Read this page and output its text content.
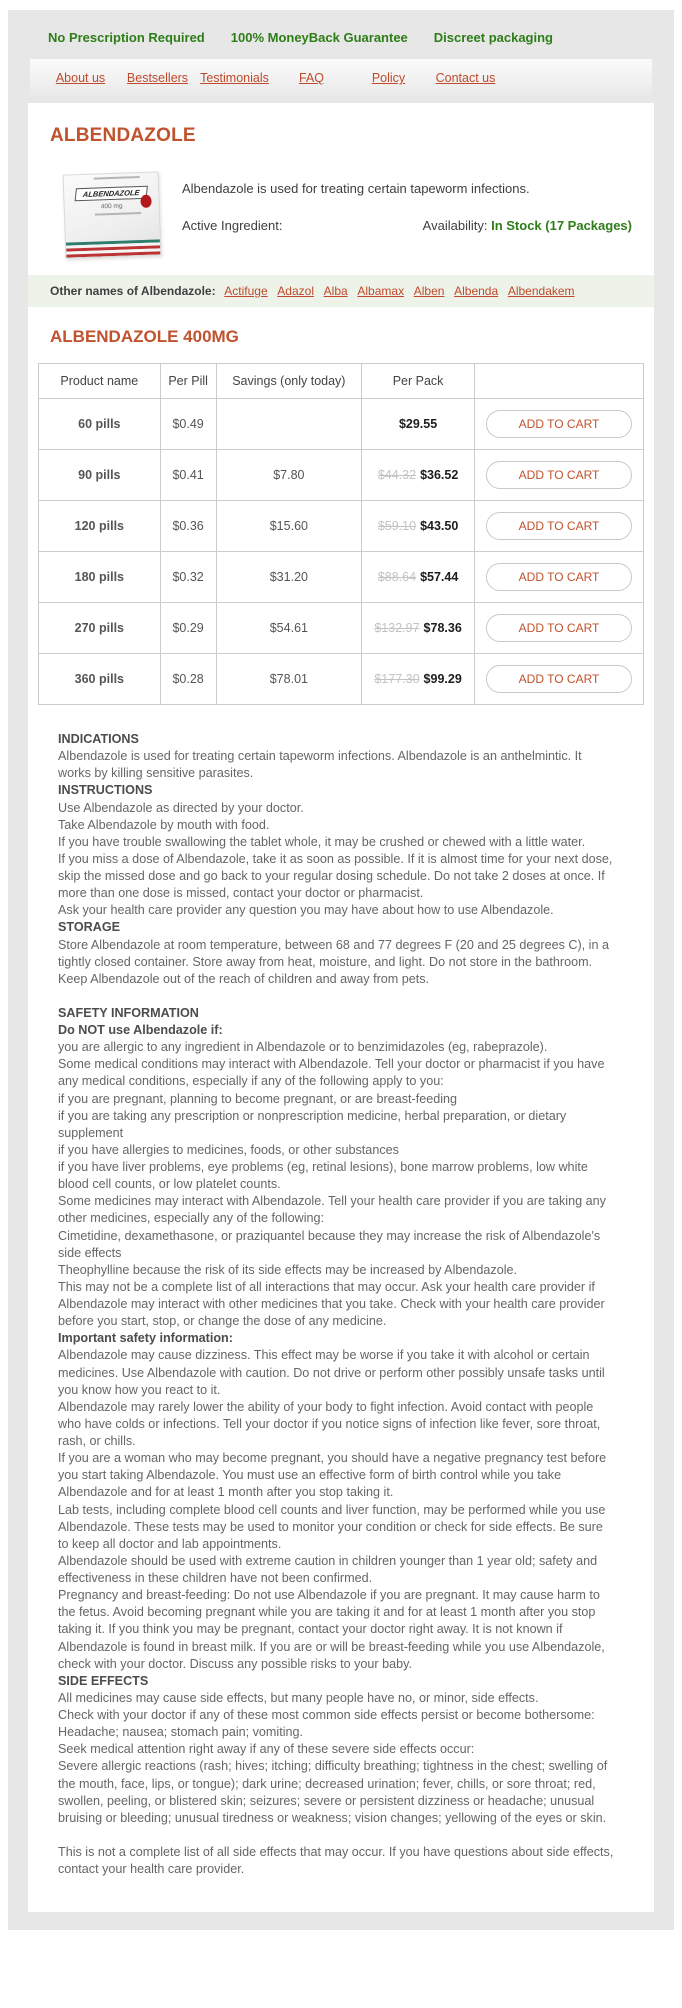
No Prescription Required 100% MoneyBack Guarantee Discreet packaging
About us	Bestsellers Testimonials	FAQ	Policy	Contact us
ALBENDAZOLE
ALBENDAZOLE
400 mg

Albendazole is used for treating certain tapeworm infections.

Active Ingredient:	Availability: In Stock (17 Packages)
Other names of Albendazole: Actifuge Adazol Alba Albamax Alben Albenda Albendakem
ALBENDAZOLE 400MG
Product name	Per Pill	Savings (only today)	Per Pack	
60 pills	$0.49		$29.55	ADD TO CART
90 pills	$0.41	$7.80	$44.32 $36.52	ADD TO CART
120 pills	$0.36	$15.60	$59.10 $43.50	ADD TO CART
180 pills	$0.32	$31.20	$88.64 $57.44	ADD TO CART
270 pills	$0.29	$54.61	$132.97 $78.36	ADD TO CART
360 pills	$0.28	$78.01	$177.30 $99.29	ADD TO CART
INDICATIONS
Albendazole is used for treating certain tapeworm infections. Albendazole is an anthelmintic. It works by killing sensitive parasites.
INSTRUCTIONS
Use Albendazole as directed by your doctor.
Take Albendazole by mouth with food.
If you have trouble swallowing the tablet whole, it may be crushed or chewed with a little water.
If you miss a dose of Albendazole, take it as soon as possible. If it is almost time for your next dose, skip the missed dose and go back to your regular dosing schedule. Do not take 2 doses at once. If more than one dose is missed, contact your doctor or pharmacist.
Ask your health care provider any question you may have about how to use Albendazole.
STORAGE
Store Albendazole at room temperature, between 68 and 77 degrees F (20 and 25 degrees C), in a tightly closed container. Store away from heat, moisture, and light. Do not store in the bathroom. Keep Albendazole out of the reach of children and away from pets.
SAFETY INFORMATION
Do NOT use Albendazole if:
you are allergic to any ingredient in Albendazole or to benzimidazoles (eg, rabeprazole).
Some medical conditions may interact with Albendazole. Tell your doctor or pharmacist if you have any medical conditions, especially if any of the following apply to you:
if you are pregnant, planning to become pregnant, or are breast-feeding
if you are taking any prescription or nonprescription medicine, herbal preparation, or dietary supplement
if you have allergies to medicines, foods, or other substances
if you have liver problems, eye problems (eg, retinal lesions), bone marrow problems, low white blood cell counts, or low platelet counts.
Some medicines may interact with Albendazole. Tell your health care provider if you are taking any other medicines, especially any of the following:
Cimetidine, dexamethasone, or praziquantel because they may increase the risk of Albendazole's side effects
Theophylline because the risk of its side effects may be increased by Albendazole.
This may not be a complete list of all interactions that may occur. Ask your health care provider if Albendazole may interact with other medicines that you take. Check with your health care provider before you start, stop, or change the dose of any medicine.
Important safety information:
Albendazole may cause dizziness. This effect may be worse if you take it with alcohol or certain medicines. Use Albendazole with caution. Do not drive or perform other possibly unsafe tasks until you know how you react to it.
Albendazole may rarely lower the ability of your body to fight infection. Avoid contact with people who have colds or infections. Tell your doctor if you notice signs of infection like fever, sore throat, rash, or chills.
If you are a woman who may become pregnant, you should have a negative pregnancy test before you start taking Albendazole. You must use an effective form of birth control while you take Albendazole and for at least 1 month after you stop taking it.
Lab tests, including complete blood cell counts and liver function, may be performed while you use Albendazole. These tests may be used to monitor your condition or check for side effects. Be sure to keep all doctor and lab appointments.
Albendazole should be used with extreme caution in children younger than 1 year old; safety and effectiveness in these children have not been confirmed.
Pregnancy and breast-feeding: Do not use Albendazole if you are pregnant. It may cause harm to the fetus. Avoid becoming pregnant while you are taking it and for at least 1 month after you stop taking it. If you think you may be pregnant, contact your doctor right away. It is not known if Albendazole is found in breast milk. If you are or will be breast-feeding while you use Albendazole, check with your doctor. Discuss any possible risks to your baby.
SIDE EFFECTS
All medicines may cause side effects, but many people have no, or minor, side effects.
Check with your doctor if any of these most common side effects persist or become bothersome:
Headache; nausea; stomach pain; vomiting.
Seek medical attention right away if any of these severe side effects occur:
Severe allergic reactions (rash; hives; itching; difficulty breathing; tightness in the chest; swelling of the mouth, face, lips, or tongue); dark urine; decreased urination; fever, chills, or sore throat; red, swollen, peeling, or blistered skin; seizures; severe or persistent dizziness or headache; unusual bruising or bleeding; unusual tiredness or weakness; vision changes; yellowing of the eyes or skin.
This is not a complete list of all side effects that may occur. If you have questions about side effects, contact your health care provider.
